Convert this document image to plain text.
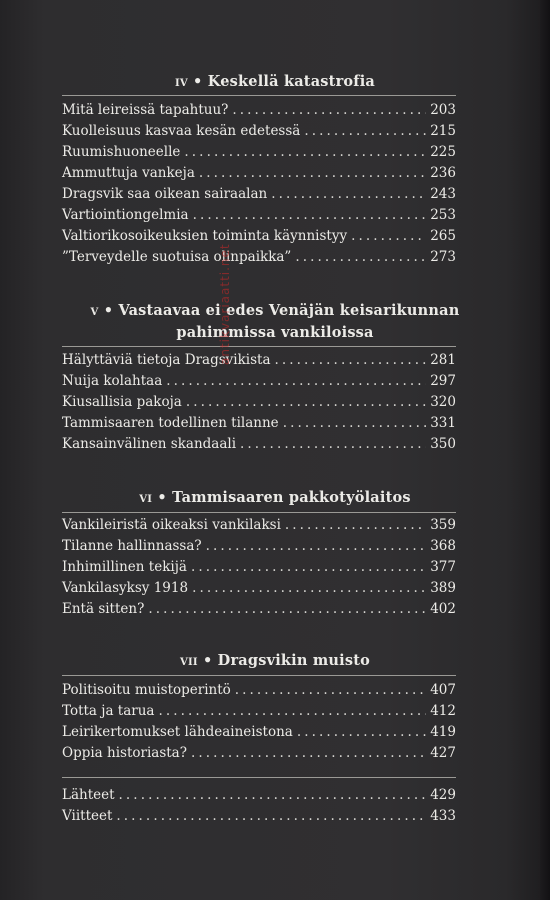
iv • Keskellä katastrofia
Mitä leireissä tapahtuu? . . .	203
Kuolleisuus kasvaa kesän edetessä . . .	215
Ruumishuoneelle . . .	225
Ammuttuja vankeja . . .	236
Dragsvik saa oikean sairaalan . . .	243
Vartiointiongelmia . . .	253
Valtiorikosoikeuksien toiminta käynnistyy . . .	265
”Terveydelle suotuisa olinpaikka” . . .	273
v • Vastaavaa ei edes Venäjän keisarikunnan
pahimmissa vankiloissa
Hälyttäviä tietoja Dragsvikista . . .	281
Nuija kolahtaa . . .	297
Kiusallisia pakoja . . .	320
Tammisaaren todellinen tilanne . . .	331
Kansainvälinen skandaali . . .	350
vi • Tammisaaren pakkotyölaitos
Vankileiristä oikeaksi vankilaksi . . .	359
Tilanne hallinnassa? . . .	368
Inhimillinen tekijä . . .	377
Vankilasyksy 1918 . . .	389
Entä sitten? . . .	402
vii • Dragsvikin muisto
Politisoitu muistoperintö . . .	407
Totta ja tarua . . .	412
Leirikertomukset lähdeaineistona . . .	419
Oppia historiasta? . . .	427
Lähteet . . .	429
Viitteet . . .	433
antikvariaatti.net
